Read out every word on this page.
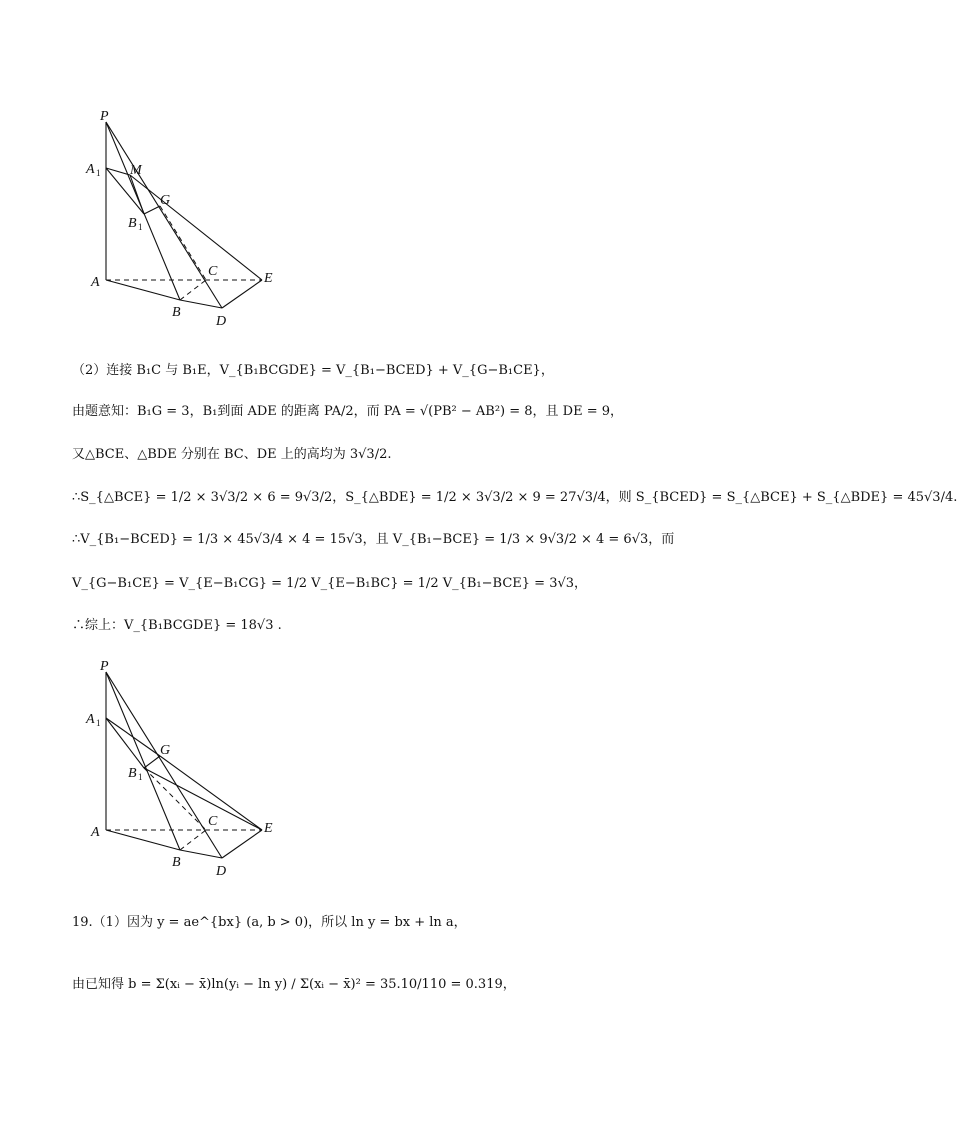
P
A 1 M
G
B 1
C
A	E
B
D
（2）连接 B₁C 与 B₁E，V_{B₁BCGDE} = V_{B₁−BCED} + V_{G−B₁CE}，
由题意知：B₁G = 3，B₁到面 ADE 的距离 PA/2，而 PA = √(PB² − AB²) = 8，且 DE = 9，
又△BCE、△BDE 分别在 BC、DE 上的高均为 3√3/2.
∴S_{△BCE} = 1/2 × 3√3/2 × 6 = 9√3/2，S_{△BDE} = 1/2 × 3√3/2 × 9 = 27√3/4，则 S_{BCED} = S_{△BCE} + S_{△BDE} = 45√3/4.
∴V_{B₁−BCED} = 1/3 × 45√3/4 × 4 = 15√3，且 V_{B₁−BCE} = 1/3 × 9√3/2 × 4 = 6√3，而
V_{G−B₁CE} = V_{E−B₁CG} = 1/2 V_{E−B₁BC} = 1/2 V_{B₁−BCE} = 3√3，
∴综上：V_{B₁BCGDE} = 18√3 .
P
A 1
G
B 1
C
A	E
B
D
19.（1）因为 y = ae^{bx} (a, b > 0)，所以 ln y = bx + ln a，
由已知得 b = Σ(xᵢ − x̄)ln(yᵢ − ln y) / Σ(xᵢ − x̄)² = 35.10/110 = 0.319，
